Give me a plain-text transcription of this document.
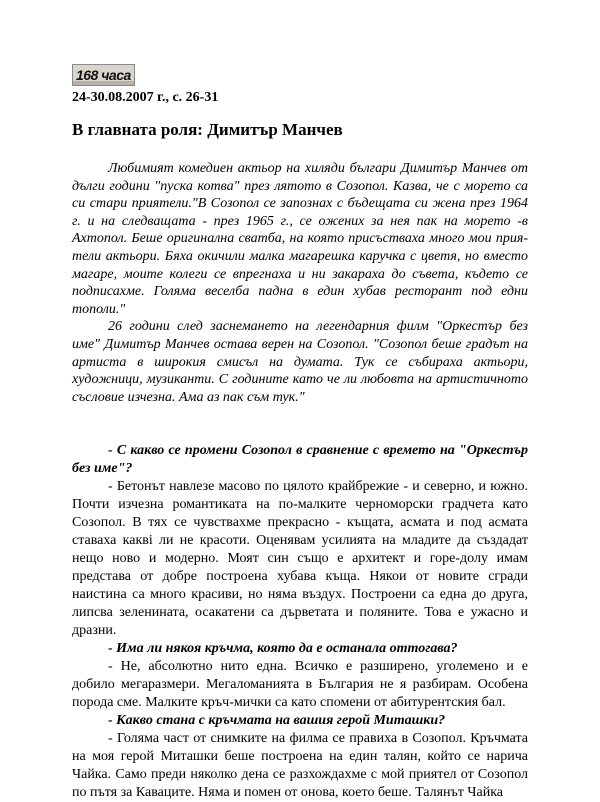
168 часа
24-30.08.2007 г., с. 26-31
В главната роля: Димитър Манчев

Любимият комедиен актьор на хиляди българи Димитър Манчев от дълги години "пуска котва" през лятото в Созопол. Казва, че с морето са си стари приятели."В Созопол се запознах с бъдещата си жена през 1964 г. и на следващата - през 1965 г., се ожених за нея пак на морето -в Ахтопол. Беше оригинална сватба, на която присъстваха много мои прия-тели актьори. Бяха окичили малка магарешка каручка с цветя, но вместо магаре, моите колеги се впрегнаха и ни закараха до съвета, където се подписахме. Голяма веселба падна в един хубав ресторант под едни тополи."

26 години след заснемането на легендарния филм "Оркестър без име" Димитър Манчев остава верен на Созопол. "Созопол беше градът на артиста в широкия смисъл на думата. Тук се събираха актьори, художници, музиканти. С годините като че ли любовта на артистичното съсловие изчезна. Ама аз пак съм тук."

- С какво се промени Созопол в сравнение с времето на "Оркестър без име"?

- Бетонът навлезе масово по цялото крайбрежие - и северно, и южно. Почти изчезна романтиката на по-малките черноморски градчета като Созопол. В тях се чувствахме прекрасно - къщата, асмата и под асмата ставаха каквi ли не красоти. Оценявам усилията на младите да създадат нещо ново и модерно. Моят син също е архитект и горе-долу имам представа от добре построена хубава къща. Някои от новите сгради наистина са много красиви, но няма въздух. Построени са една до друга, липсва зеленината, осакатени са дърветата и поляните. Това е ужасно и дразни.

- Има ли някоя кръчма, която да е останала оттогава?

- Не, абсолютно нито една. Всичко е разширено, уголемено и е добило мегаразмери. Мегаломанията в България не я разбирам. Особена порода сме. Малките кръч-мички са като спомени от абитурентския бал.

- Какво стана с кръчмата на вашия герой Миташки?

- Голяма част от снимките на филма се правиха в Созопол. Кръчмата на моя герой Миташки беше построена на един талян, който се нарича Чайка. Само преди няколко дена се разхождахме с мой приятел от Созопол по пътя за Каваците. Няма и помен от онова, което беше. Талянът Чайка
